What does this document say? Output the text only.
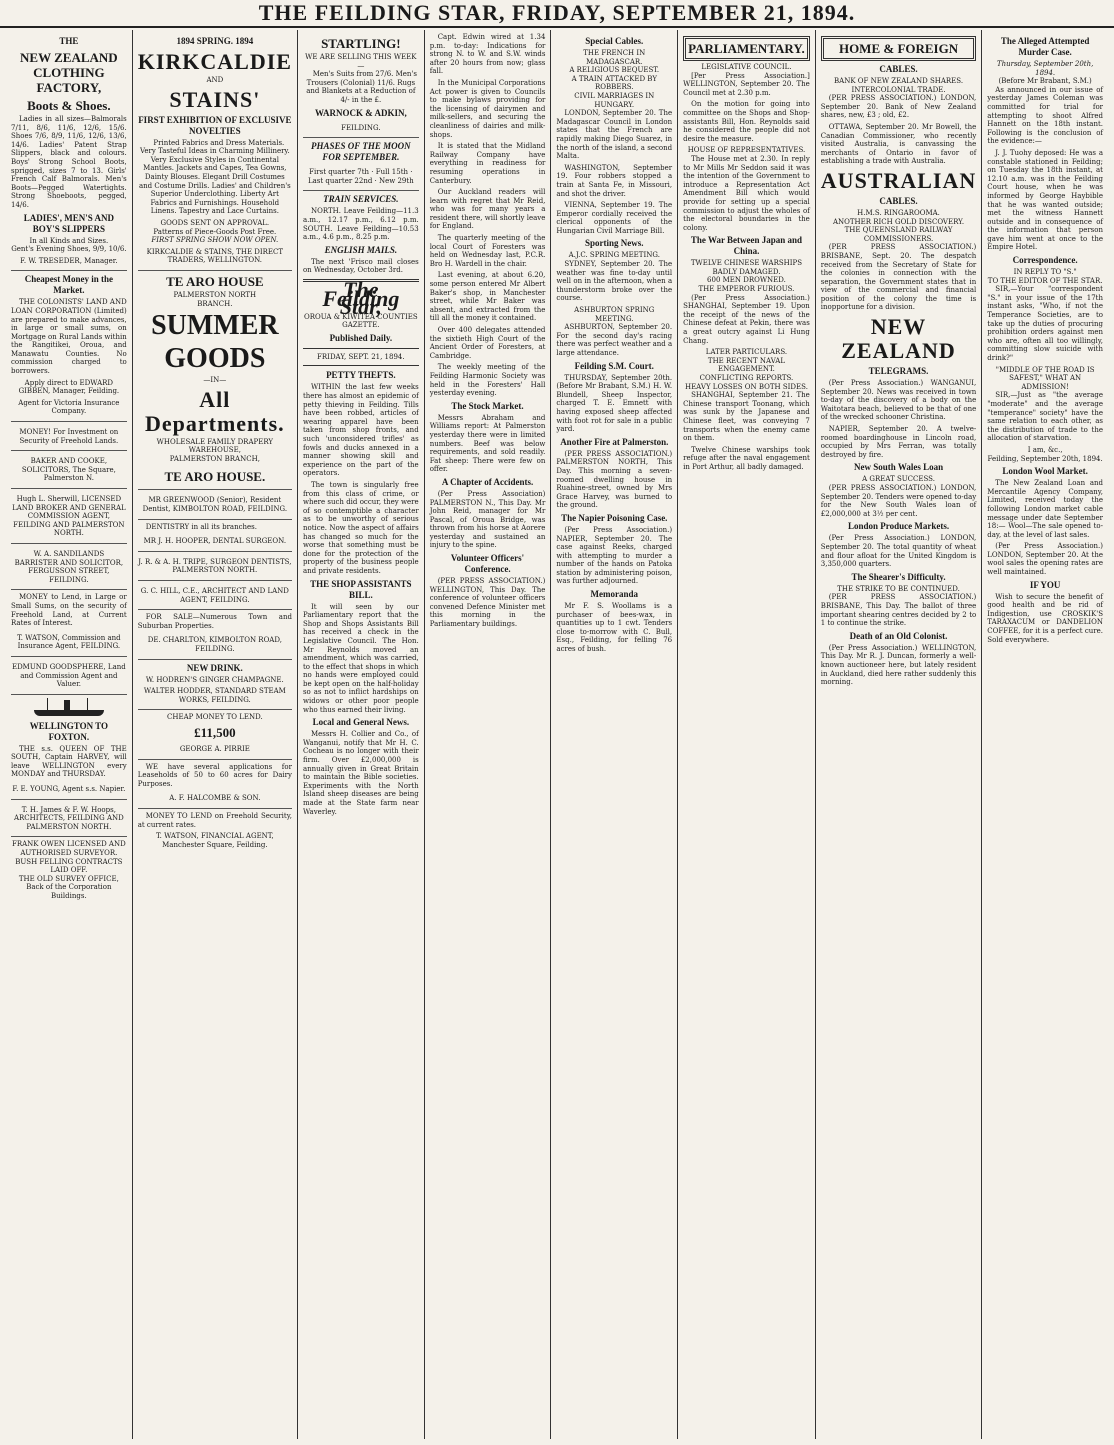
THE FEILDING STAR, FRIDAY, SEPTEMBER 21, 1894.
THE
NEW ZEALAND CLOTHING FACTORY,
Boots & Shoes.

Ladies in all sizes—Balmorals 7/11, 8/6, 11/6, 12/6, 15/6. Shoes 7/6, 8/9, 11/6, 12/6, 13/6, 14/6. Ladies' Patent Strap Slippers, black and colours. Boys' Strong School Boots, sprigged, sizes 7 to 13. Girls' French Calf Balmorals. Men's Boots—Pegged Watertights. Strong Shoeboots, pegged, 14/6.

LADIES', MEN'S AND BOY'S SLIPPERS
In all Kinds and Sizes.
Gent's Evening Shoes, 9/9, 10/6.
F. W. TRESEDER, Manager.
Cheapest Money in the Market.

THE COLONISTS' LAND AND LOAN CORPORATION (Limited) are prepared to make advances, in large or small sums, on Mortgage on Rural Lands within the Rangitikei, Oroua, and Manawatu Counties. No commission charged to borrowers.

Apply direct to EDWARD GIBBEN, Manager, Feilding.
Agent for Victoria Insurance Company.
MONEY! For Investment on Security of Freehold Lands.
BAKER AND COOKE, SOLICITORS, The Square, Palmerston N.
Hugh L. Sherwill, LICENSED LAND BROKER AND GENERAL COMMISSION AGENT, FEILDING AND PALMERSTON NORTH.
W. A. SANDILANDS BARRISTER AND SOLICITOR, FERGUSSON STREET, FEILDING.

MONEY to Lend, in Large or Small Sums, on the security of Freehold Land, at Current Rates of Interest.

T. WATSON, Commission and Insurance Agent, FEILDING.
EDMUND GOODSPHERE, Land and Commission Agent and Valuer.
WELLINGTON TO FOXTON.

THE s.s. QUEEN OF THE SOUTH, Captain HARVEY, will leave WELLINGTON every MONDAY and THURSDAY.

F. E. YOUNG, Agent s.s. Napier.
T. H. James & F. W. Hoops, ARCHITECTS, FEILDING AND PALMERSTON NORTH.
FRANK OWEN LICENSED AND AUTHORISED SURVEYOR.
BUSH FELLING CONTRACTS LAID OFF.
THE OLD SURVEY OFFICE, Back of the Corporation Buildings.
1894 SPRING. 1894
KIRKCALDIE
AND
STAINS'
FIRST EXHIBITION OF EXCLUSIVE NOVELTIES

Printed Fabrics and Dress Materials. Very Tasteful Ideas in Charming Millinery. Very Exclusive Styles in Continental Mantles. Jackets and Capes, Tea Gowns, Dainty Blouses. Elegant Drill Costumes and Costume Drills. Ladies' and Children's Superior Underclothing. Liberty Art Fabrics and Furnishings. Household Linens. Tapestry and Lace Curtains.

GOODS SENT ON APPROVAL.
Patterns of Piece-Goods Post Free.
FIRST SPRING SHOW NOW OPEN.
KIRKCALDIE & STAINS, THE DIRECT TRADERS, WELLINGTON.
TE ARO HOUSE
PALMERSTON NORTH
BRANCH.
SUMMER
GOODS
—IN—
All Departments.
WHOLESALE FAMILY DRAPERY WAREHOUSE,
PALMERSTON BRANCH,
TE ARO HOUSE.
MR GREENWOOD (Senior), Resident Dentist, KIMBOLTON ROAD, FEILDING.

DENTISTRY in all its branches.

MR J. H. HOOPER, DENTAL SURGEON.
J. R. & A. H. TRIPE, SURGEON DENTISTS, PALMERSTON NORTH.
G. C. HILL, C.E., ARCHITECT AND LAND AGENT, FEILDING.

FOR SALE—Numerous Town and Suburban Properties.

DE. CHARLTON, KIMBOLTON ROAD, FEILDING.
NEW DRINK.
W. HODREN'S GINGER CHAMPAGNE.
WALTER HODDER, STANDARD STEAM WORKS, FEILDING.
CHEAP MONEY TO LEND.
£11,500
GEORGE A. PIRRIE

WE have several applications for Leaseholds of 50 to 60 acres for Dairy Purposes.

A. F. HALCOMBE & SON.

MONEY TO LEND on Freehold Security, at current rates.

T. WATSON, FINANCIAL AGENT, Manchester Square, Feilding.
STARTLING!
WE ARE SELLING THIS WEEK—

Men's Suits from 27/6. Men's Trousers (Colonial) 11/6. Rugs and Blankets at a Reduction of 4/- in the £.

WARNOCK & ADKIN,
FEILDING.
PHASES OF THE MOON FOR SEPTEMBER.
First quarter 7th · Full 15th · Last quarter 22nd · New 29th
TRAIN SERVICES.

NORTH. Leave Feilding—11.3 a.m., 12.17 p.m., 6.12 p.m. SOUTH. Leave Feilding—10.53 a.m., 4.6 p.m., 8.25 p.m.

ENGLISH MAILS.

The next 'Frisco mail closes on Wednesday, October 3rd.

The Feilding Star,
OROUA & KIWITEA COUNTIES GAZETTE.
Published Daily.
FRIDAY, SEPT. 21, 1894.
PETTY THEFTS.

WITHIN the last few weeks there has almost an epidemic of petty thieving in Feilding. Tills have been robbed, articles of wearing apparel have been taken from shop fronts, and such 'unconsidered trifles' as fowls and ducks annexed in a manner showing skill and experience on the part of the operators.

The town is singularly free from this class of crime, or where such did occur, they were of so contemptible a character as to be unworthy of serious notice. Now the aspect of affairs has changed so much for the worse that something must be done for the protection of the property of the business people and private residents.

THE SHOP ASSISTANTS BILL.

It will seen by our Parliamentary report that the Shop and Shops Assistants Bill has received a check in the Legislative Council. The Hon. Mr Reynolds moved an amendment, which was carried, to the effect that shops in which no hands were employed could be kept open on the half-holiday so as not to inflict hardships on widows or other poor people who thus earned their living.

Local and General News.

Messrs H. Collier and Co., of Wanganui, notify that Mr H. C. Cocheau is no longer with their firm. Over £2,000,000 is annually given in Great Britain to maintain the Bible societies. Experiments with the North Island sheep diseases are being made at the State farm near Waverley.

Capt. Edwin wired at 1.34 p.m. to-day: Indications for strong N. to W. and S.W. winds after 20 hours from now; glass fall.

In the Municipal Corporations Act power is given to Councils to make bylaws providing for the licensing of dairymen and milk-sellers, and securing the cleanliness of dairies and milk-shops.

It is stated that the Midland Railway Company have everything in readiness for resuming operations in Canterbury.

Our Auckland readers will learn with regret that Mr Reid, who was for many years a resident there, will shortly leave for England.

The quarterly meeting of the local Court of Foresters was held on Wednesday last, P.C.R. Bro H. Wardell in the chair.

Last evening, at about 6.20, some person entered Mr Albert Baker's shop, in Manchester street, while Mr Baker was absent, and extracted from the till all the money it contained.

Over 400 delegates attended the sixtieth High Court of the Ancient Order of Foresters, at Cambridge.

The weekly meeting of the Feilding Harmonic Society was held in the Foresters' Hall yesterday evening.

The Stock Market.

Messrs Abraham and Williams report: At Palmerston yesterday there were in limited numbers. Beef was below requirements, and sold readily. Fat sheep: There were few on offer.

A Chapter of Accidents.

(Per Press Association) PALMERSTON N., This Day. Mr John Reid, manager for Mr Pascal, of Oroua Bridge, was thrown from his horse at Aorere yesterday and sustained an injury to the spine.

Volunteer Officers' Conference.

(PER PRESS ASSOCIATION.) WELLINGTON, This Day. The conference of volunteer officers convened Defence Minister met this morning in the Parliamentary buildings.

Special Cables.
THE FRENCH IN MADAGASCAR.
A RELIGIOUS BEQUEST.
A TRAIN ATTACKED BY ROBBERS.
CIVIL MARRIAGES IN HUNGARY.

LONDON, September 20. The Madagascar Council in London states that the French are rapidly making Diego Suarez, in the north of the island, a second Malta.

WASHINGTON, September 19. Four robbers stopped a train at Santa Fe, in Missouri, and shot the driver.

VIENNA, September 19. The Emperor cordially received the clerical opponents of the Hungarian Civil Marriage Bill.

Sporting News.
A.J.C. SPRING MEETING.

SYDNEY, September 20. The weather was fine to-day until well on in the afternoon, when a thunderstorm broke over the course.

ASHBURTON SPRING MEETING.

ASHBURTON, September 20. For the second day's racing there was perfect weather and a large attendance.

Feilding S.M. Court.

THURSDAY, September 20th. (Before Mr Brabant, S.M.) H. W. Blundell, Sheep Inspector, charged T. E. Emnett with having exposed sheep affected with foot rot for sale in a public yard.

Another Fire at Palmerston.

(PER PRESS ASSOCIATION.) PALMERSTON NORTH, This Day. This morning a seven-roomed dwelling house in Ruahine-street, owned by Mrs Grace Harvey, was burned to the ground.

The Napier Poisoning Case.

(Per Press Association.) NAPIER, September 20. The case against Reeks, charged with attempting to murder a number of the hands on Patoka station by administering poison, was further adjourned.

Memoranda

Mr F. S. Woollams is a purchaser of bees-wax, in quantities up to 1 cwt. Tenders close to-morrow with C. Bull, Esq., Feilding, for felling 76 acres of bush.

PARLIAMENTARY.
LEGISLATIVE COUNCIL.

[Per Press Association.] WELLINGTON, September 20. The Council met at 2.30 p.m.

On the motion for going into committee on the Shops and Shop-assistants Bill, Hon. Reynolds said he considered the people did not desire the measure.

HOUSE OF REPRESENTATIVES.

The House met at 2.30. In reply to Mr Mills Mr Seddon said it was the intention of the Government to introduce a Representation Act Amendment Bill which would provide for setting up a special commission to adjust the wholes of the electoral boundaries in the colony.

The War Between Japan and China.
TWELVE CHINESE WARSHIPS BADLY DAMAGED.
600 MEN DROWNED.
THE EMPEROR FURIOUS.

(Per Press Association.) SHANGHAI, September 19. Upon the receipt of the news of the Chinese defeat at Pekin, there was a great outcry against Li Hung Chang.

LATER PARTICULARS.
THE RECENT NAVAL ENGAGEMENT.
CONFLICTING REPORTS.
HEAVY LOSSES ON BOTH SIDES.

SHANGHAI, September 21. The Chinese transport Toonang, which was sunk by the Japanese and Chinese fleet, was conveying 7 transports when the enemy came on them.

Twelve Chinese warships took refuge after the naval engagement in Port Arthur, all badly damaged.

HOME & FOREIGN
CABLES.
BANK OF NEW ZEALAND SHARES.
INTERCOLONIAL TRADE.

(PER PRESS ASSOCIATION.) LONDON, September 20. Bank of New Zealand shares, new, £3 ; old, £2.

OTTAWA, September 20. Mr Bowell, the Canadian Commissioner, who recently visited Australia, is canvassing the merchants of Ontario in favor of establishing a trade with Australia.

AUSTRALIAN
CABLES.
H.M.S. RINGAROOMA.
ANOTHER RICH GOLD DISCOVERY.
THE QUEENSLAND RAILWAY COMMISSIONERS.

(PER PRESS ASSOCIATION.) BRISBANE, Sept. 20. The despatch received from the Secretary of State for the colonies in connection with the separation, the Government states that in view of the commercial and financial position of the colony the time is inopportune for a division.

NEW ZEALAND
TELEGRAMS.

(Per Press Association.) WANGANUI, September 20. News was received in town to-day of the discovery of a body on the Waitotara beach, believed to be that of one of the wrecked schooner Christina.

NAPIER, September 20. A twelve-roomed boardinghouse in Lincoln road, occupied by Mrs Ferran, was totally destroyed by fire.

New South Wales Loan
A GREAT SUCCESS.

(PER PRESS ASSOCIATION.) LONDON, September 20. Tenders were opened to-day for the New South Wales loan of £2,000,000 at 3½ per cent.

London Produce Markets.

(Per Press Association.) LONDON, September 20. The total quantity of wheat and flour afloat for the United Kingdom is 3,350,000 quarters.

The Shearer's Difficulty.
THE STRIKE TO BE CONTINUED.

(PER PRESS ASSOCIATION.) BRISBANE, This Day. The ballot of three important shearing centres decided by 2 to 1 to continue the strike.

Death of an Old Colonist.

(Per Press Association.) WELLINGTON, This Day. Mr R. J. Duncan, formerly a well-known auctioneer here, but lately resident in Auckland, died here rather suddenly this morning.

The Alleged Attempted Murder Case.
Thursday, September 20th, 1894.
(Before Mr Brabant, S.M.)

As announced in our issue of yesterday James Coleman was committed for trial for attempting to shoot Alfred Hannett on the 18th instant. Following is the conclusion of the evidence:—

J. J. Tuohy deposed: He was a constable stationed in Feilding; on Tuesday the 18th instant, at 12.10 a.m. was in the Feilding Court house, when he was informed by George Haybible that he was wanted outside; met the witness Hannett outside and in consequence of the information that person gave him went at once to the Empire Hotel.

Correspondence.
IN REPLY TO "S."
TO THE EDITOR OF THE STAR.

SIR,—Your "correspondent "S." in your issue of the 17th instant asks, "Who, if not the Temperance Societies, are to take up the duties of procuring prohibition orders against men who are, often all too willingly, committing slow suicide with drink?"

"MIDDLE OF THE ROAD IS SAFEST," WHAT AN ADMISSION!

SIR,—Just as "the average "moderate" and the average "temperance" society" have the same relation to each other, as the distribution of trade to the allocation of starvation.

I am, &c.,
Feilding, September 20th, 1894.
London Wool Market.

The New Zealand Loan and Mercantile Agency Company, Limited, received today the following London market cable message under date September 18:— Wool—The sale opened to-day, at the level of last sales.

(Per Press Association.) LONDON, September 20. At the wool sales the opening rates are well maintained.

IF YOU

Wish to secure the benefit of good health and be rid of Indigestion, use CROSKIK'S TARAXACUM or DANDELION COFFEE, for it is a perfect cure. Sold everywhere.
